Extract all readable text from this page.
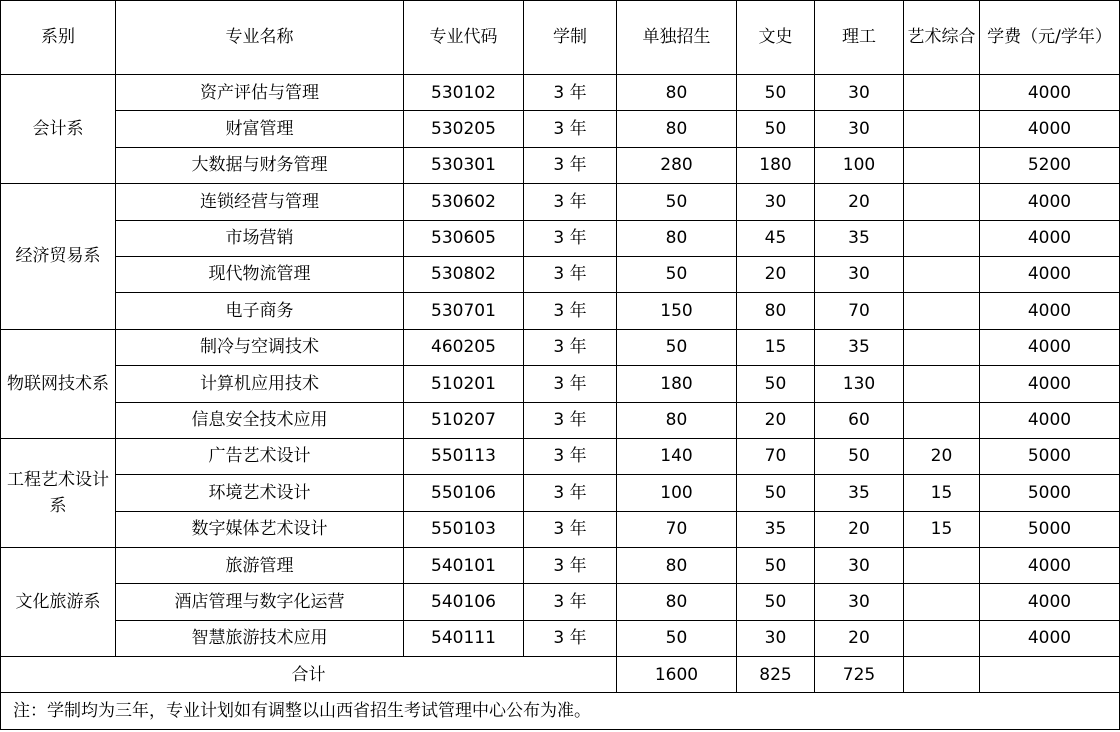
系别	专业名称	专业代码	学制	单独招生	文史	理工	艺术综合	学费（元/学年）
会计系	资产评估与管理	530102	3 年	80	50	30		4000
	财富管理	530205	3 年	80	50	30		4000
	大数据与财务管理	530301	3 年	280	180	100		5200
经济贸易系	连锁经营与管理	530602	3 年	50	30	20		4000
	市场营销	530605	3 年	80	45	35		4000
	现代物流管理	530802	3 年	50	20	30		4000
	电子商务	530701	3 年	150	80	70		4000
物联网技术系	制冷与空调技术	460205	3 年	50	15	35		4000
	计算机应用技术	510201	3 年	180	50	130		4000
	信息安全技术应用	510207	3 年	80	20	60		4000
工程艺术设计系	广告艺术设计	550113	3 年	140	70	50	20	5000
	环境艺术设计	550106	3 年	100	50	35	15	5000
	数字媒体艺术设计	550103	3 年	70	35	20	15	5000
文化旅游系	旅游管理	540101	3 年	80	50	30		4000
	酒店管理与数字化运营	540106	3 年	80	50	30		4000
	智慧旅游技术应用	540111	3 年	50	30	20		4000
合计				1600	825	725		
注：学制均为三年，专业计划如有调整以山西省招生考试管理中心公布为准。								
